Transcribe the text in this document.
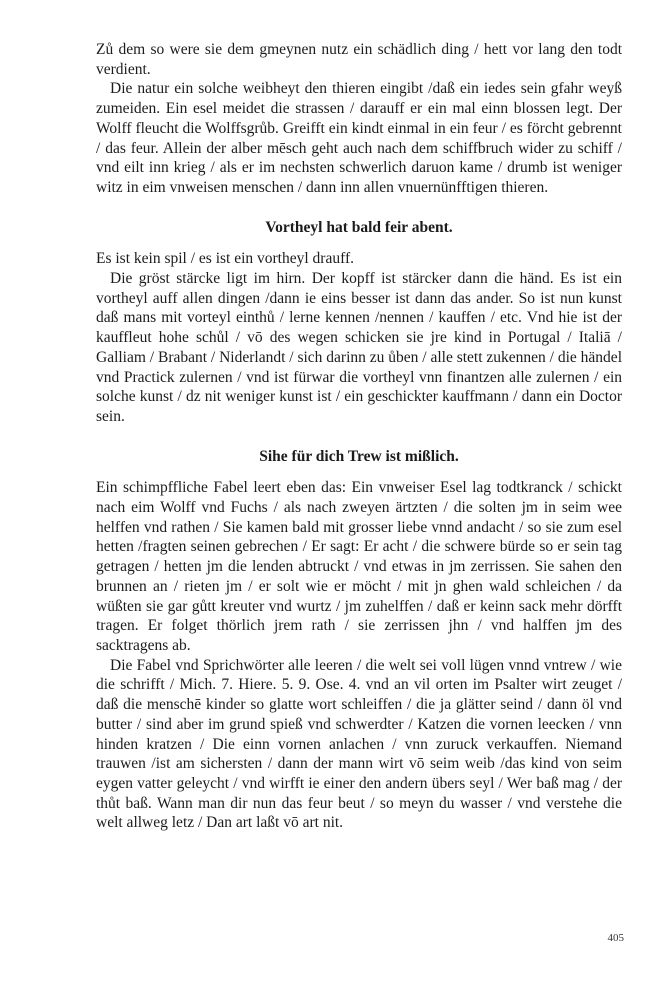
Zů dem so were sie dem gmeynen nutz ein schädlich ding / hett vor lang den todt verdient.

Die natur ein solche weibheyt den thieren eingibt /daß ein iedes sein gfahr weyß zumeiden. Ein esel meidet die strassen / darauff er ein mal einn blossen legt. Der Wolff fleucht die Wolffsgrůb. Greifft ein kindt einmal in ein feur / es förcht gebrennt / das feur. Allein der alber mēsch geht auch nach dem schiffbruch wider zu schiff / vnd eilt inn krieg / als er im nechsten schwerlich daruon kame / drumb ist weniger witz in eim vnweisen menschen / dann inn allen vnuernünfftigen thieren.

Vortheyl hat bald feir abent.

Es ist kein spil / es ist ein vortheyl drauff.

Die gröst stärcke ligt im hirn. Der kopff ist stärcker dann die händ. Es ist ein vortheyl auff allen dingen /dann ie eins besser ist dann das ander. So ist nun kunst daß mans mit vorteyl einthů / lerne kennen /nennen / kauffen / etc. Vnd hie ist der kauffleut hohe schůl / vō des wegen schicken sie jre kind in Portugal / Italiā / Galliam / Brabant / Niderlandt / sich darinn zu ůben / alle stett zukennen / die händel vnd Practick zulernen / vnd ist fürwar die vortheyl vnn finantzen alle zulernen / ein solche kunst / dz nit weniger kunst ist / ein geschickter kauffmann / dann ein Doctor sein.

Sihe für dich Trew ist mißlich.

Ein schimpffliche Fabel leert eben das: Ein vnweiser Esel lag todtkranck / schickt nach eim Wolff vnd Fuchs / als nach zweyen ärtzten / die solten jm in seim wee helffen vnd rathen / Sie kamen bald mit grosser liebe vnnd andacht / so sie zum esel hetten /fragten seinen gebrechen / Er sagt: Er acht / die schwere bürde so er sein tag getragen / hetten jm die lenden abtruckt / vnd etwas in jm zerrissen. Sie sahen den brunnen an / rieten jm / er solt wie er möcht / mit jn ghen wald schleichen / da wüßten sie gar gůtt kreuter vnd wurtz / jm zuhelffen / daß er keinn sack mehr dörfft tragen. Er folget thörlich jrem rath / sie zerrissen jhn / vnd halffen jm des sacktragens ab.

Die Fabel vnd Sprichwörter alle leeren / die welt sei voll lügen vnnd vntrew / wie die schrifft / Mich. 7. Hiere. 5. 9. Ose. 4. vnd an vil orten im Psalter wirt zeuget / daß die menschē kinder so glatte wort schleiffen / die ja glätter seind / dann öl vnd butter / sind aber im grund spieß vnd schwerdter / Katzen die vornen leecken / vnn hinden kratzen / Die einn vornen anlachen / vnn zuruck verkauffen. Niemand trauwen /ist am sichersten / dann der mann wirt vō seim weib /das kind von seim eygen vatter geleycht / vnd wirfft ie einer den andern übers seyl / Wer baß mag / der thůt baß. Wann man dir nun das feur beut / so meyn du wasser / vnd verstehe die welt allweg letz / Dan art laßt vō art nit.

405
